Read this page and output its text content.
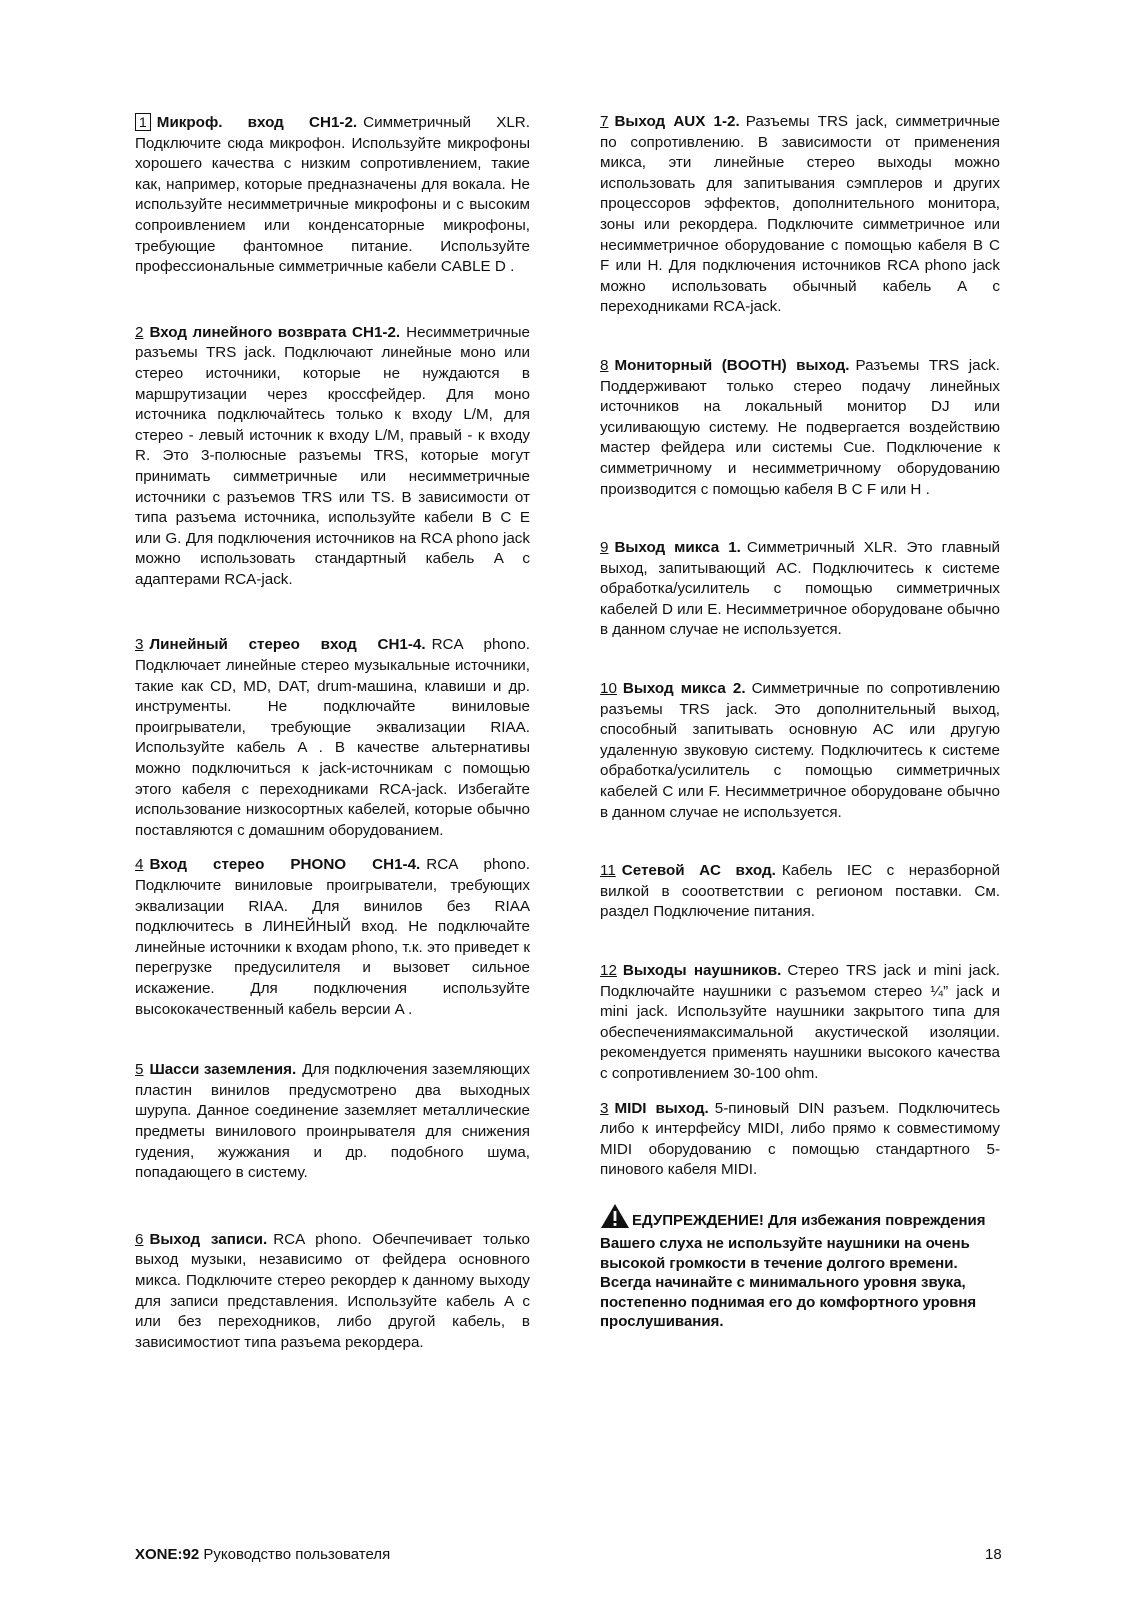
1 Микроф. вход CH1-2. Симметричный XLR. Подключите сюда микрофон. Используйте микрофоны хорошего качества с низким сопротивлением, такие как, например, которые предназначены для вокала. Не используйте несимметричные микрофоны и с высоким сопроивлением или конденсаторные микрофоны, требующие фантомное питание. Используйте профессиональные симметричные кабели CABLE D .

2 Вход линейного возврата CH1-2. Несимметричные разъемы TRS jack. Подключают линейные моно или стерео источники, которые не нуждаются в маршрутизации через кроссфейдер. Для моно источника подключайтесь только к входу L/M, для стерео - левый источник к входу L/M, правый - к входу R. Это 3-полюсные разъемы TRS, которые могут принимать симметричные или несимметричные источники с разъемов TRS или TS. В зависимости от типа разъема источника, используйте кабели B C E или G. Для подключения источников на RCA phono jack можно использовать стандартный кабель A с адаптерами RCA-jack.

3 Линейный стерео вход CH1-4. RCA phono. Подключает линейные стерео музыкальные источники, такие как CD, MD, DAT, drum-машина, клавиши и др. инструменты. Не подключайте виниловые проигрыватели, требующие эквализации RIAA. Используйте кабель A . В качестве альтернативы можно подключиться к jack-источникам с помощью этого кабеля с переходниками RCA-jack. Избегайте использование низкосортных кабелей, которые обычно поставляются с домашним оборудованием.

4 Вход стерео PHONO CH1-4. RCA phono. Подключите виниловые проигрыватели, требующих эквализации RIAA. Для винилов без RIAA подключитесь в ЛИНЕЙНЫЙ вход. Не подключайте линейные источники к входам phono, т.к. это приведет к перегрузке предусилителя и вызовет сильное искажение. Для подключения используйте высококачественный кабель версии A .

5 Шасси заземления. Для подключения заземляющих пластин винилов предусмотрено два выходных шурупа. Данное соединение заземляет металлические предметы винилового проинрывателя для снижения гудения, жужжания и др. подобного шума, попадающего в систему.

6 Выход записи. RCA phono. Обечпечивает только выход музыки, независимо от фейдера основного микса. Подключите стерео рекордер к данному выходу для записи представления. Используйте кабель A с или без переходников, либо другой кабель, в зависимостиот типа разъема рекордера.

7 Выход AUX 1-2. Разъемы TRS jack, симметричные по сопротивлению. В зависимости от применения микса, эти линейные стерео выходы можно использовать для запитывания сэмплеров и других процессоров эффектов, дополнительного монитора, зоны или рекордера. Подключите симметричное или несимметричное оборудование с помощью кабеля B C F или H. Для подключения источников RCA phono jack можно использовать обычный кабель A с переходниками RCA-jack.

8 Мониторный (BOOTH) выход. Разъемы TRS jack. Поддерживают только стерео подачу линейных источников на локальный монитор DJ или усиливающую систему. Не подвергается воздействию мастер фейдера или системы Cue. Подключение к симметричному и несимметричному оборудованию производится с помощью кабеля B C F или H .

9 Выход микса 1. Симметричный XLR. Это главный выход, запитывающий AC. Подключитесь к системе обработка/усилитель с помощью симметричных кабелей D или E. Несимметричное оборудоване обычно в данном случае не используется.

10 Выход микса 2. Симметричные по сопротивлению разъемы TRS jack. Это дополнительный выход, способный запитывать основную AC или другую удаленную звуковую систему. Подключитесь к системе обработка/усилитель с помощью симметричных кабелей C или F. Несимметричное оборудоване обычно в данном случае не используется.

11 Сетевой AC вход. Кабель IEC с неразборной вилкой в сооответствии с регионом поставки. См. раздел Подключение питания.

12 Выходы наушников. Стерео TRS jack и mini jack. Подключайте наушники с разъемом стерео ¼” jack и mini jack. Используйте наушники закрытого типа для обеспечениямаксимальной акустической изоляции. рекомендуется применять наушники высокого качества с сопротивлением 30-100 ohm.

3 MIDI выход. 5-пиновый DIN разъем. Подключитесь либо к интерфейсу MIDI, либо прямо к совместимому MIDI оборудованию с помощью стандартного 5-пинового кабеля MIDI.

ЕДУПРЕЖДЕНИЕ! Для избежания повреждения Вашего слуха не используйте наушники на очень высокой громкости в течение долгого времени. Всегда начинайте с минимального уровня звука, постепенно поднимая его до комфортного уровня прослушивания.

XONE:92 Руководство пользователя	18
